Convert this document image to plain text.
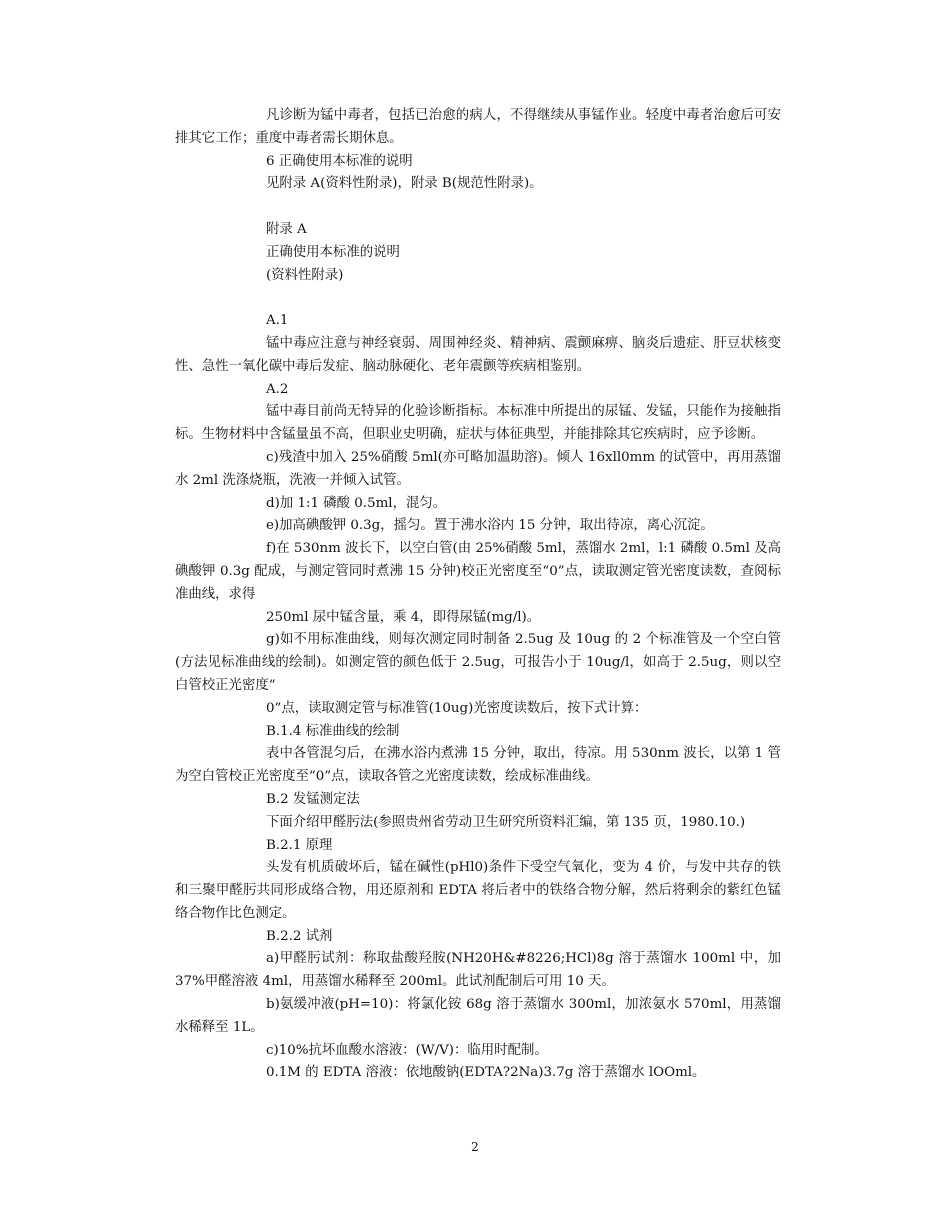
凡诊断为锰中毒者，包括已治愈的病人，不得继续从事锰作业。轻度中毒者治愈后可安排其它工作；重度中毒者需长期休息。

6 正确使用本标准的说明

见附录 A(资料性附录)，附录 B(规范性附录)。

附录 A

正确使用本标准的说明

(资料性附录)

A.1

锰中毒应注意与神经衰弱、周围神经炎、精神病、震颤麻痹、脑炎后遗症、肝豆状核变性、急性一氧化碳中毒后发症、脑动脉硬化、老年震颤等疾病相鉴别。

A.2

锰中毒目前尚无特异的化验诊断指标。本标准中所提出的尿锰、发锰，只能作为接触指标。生物材料中含锰量虽不高，但职业史明确，症状与体征典型，并能排除其它疾病时，应予诊断。

c)残渣中加入 25%硝酸 5ml(亦可略加温助溶)。倾人 16xll0mm 的试管中，再用蒸馏水 2ml 洗涤烧瓶，洗液一并倾入试管。

d)加 1:1 磷酸 0.5ml，混匀。

e)加高碘酸钾 0.3g，摇匀。置于沸水浴内 15 分钟，取出待凉，离心沉淀。

f)在 530nm 波长下，以空白管(由 25%硝酸 5ml，蒸馏水 2ml，l:1 磷酸 0.5ml 及高碘酸钾 0.3g 配成，与测定管同时煮沸 15 分钟)校正光密度至“0”点，读取测定管光密度读数，查阅标准曲线，求得

250ml 尿中锰含量，乘 4，即得尿锰(mg/l)。

g)如不用标准曲线，则每次测定同时制备 2.5ug 及 10ug 的 2 个标准管及一个空白管(方法见标准曲线的绘制)。如测定管的颜色低于 2.5ug，可报告小于 10ug/l，如高于 2.5ug，则以空白管校正光密度“

0”点，读取测定管与标准管(10ug)光密度读数后，按下式计算：

B.1.4 标准曲线的绘制

表中各管混匀后，在沸水浴内煮沸 15 分钟，取出，待凉。用 530nm 波长，以第 1 管为空白管校正光密度至“0”点，读取各管之光密度读数，绘成标准曲线。

B.2 发锰测定法

下面介绍甲醛肟法(参照贵州省劳动卫生研究所资料汇编，第 135 页，1980.10.)

B.2.1 原理

头发有机质破坏后，锰在碱性(pHl0)条件下受空气氧化，变为 4 价，与发中共存的铁和三聚甲醛肟共同形成络合物，用还原剂和 EDTA 将后者中的铁络合物分解，然后将剩余的紫红色锰络合物作比色测定。

B.2.2 试剂

a)甲醛肟试剂：称取盐酸羟胺(NH20H&#8226;HCl)8g 溶于蒸馏水 100ml 中，加 37%甲醛溶液 4ml，用蒸馏水稀释至 200ml。此试剂配制后可用 10 天。

b)氨缓冲液(pH=10)：将氯化铵 68g 溶于蒸馏水 300ml，加浓氨水 570ml，用蒸馏水稀释至 1L。

c)10%抗坏血酸水溶液：(W/V)：临用时配制。

0.1M 的 EDTA 溶液：依地酸钠(EDTA?2Na)3.7g 溶于蒸馏水 lOOml。

2
